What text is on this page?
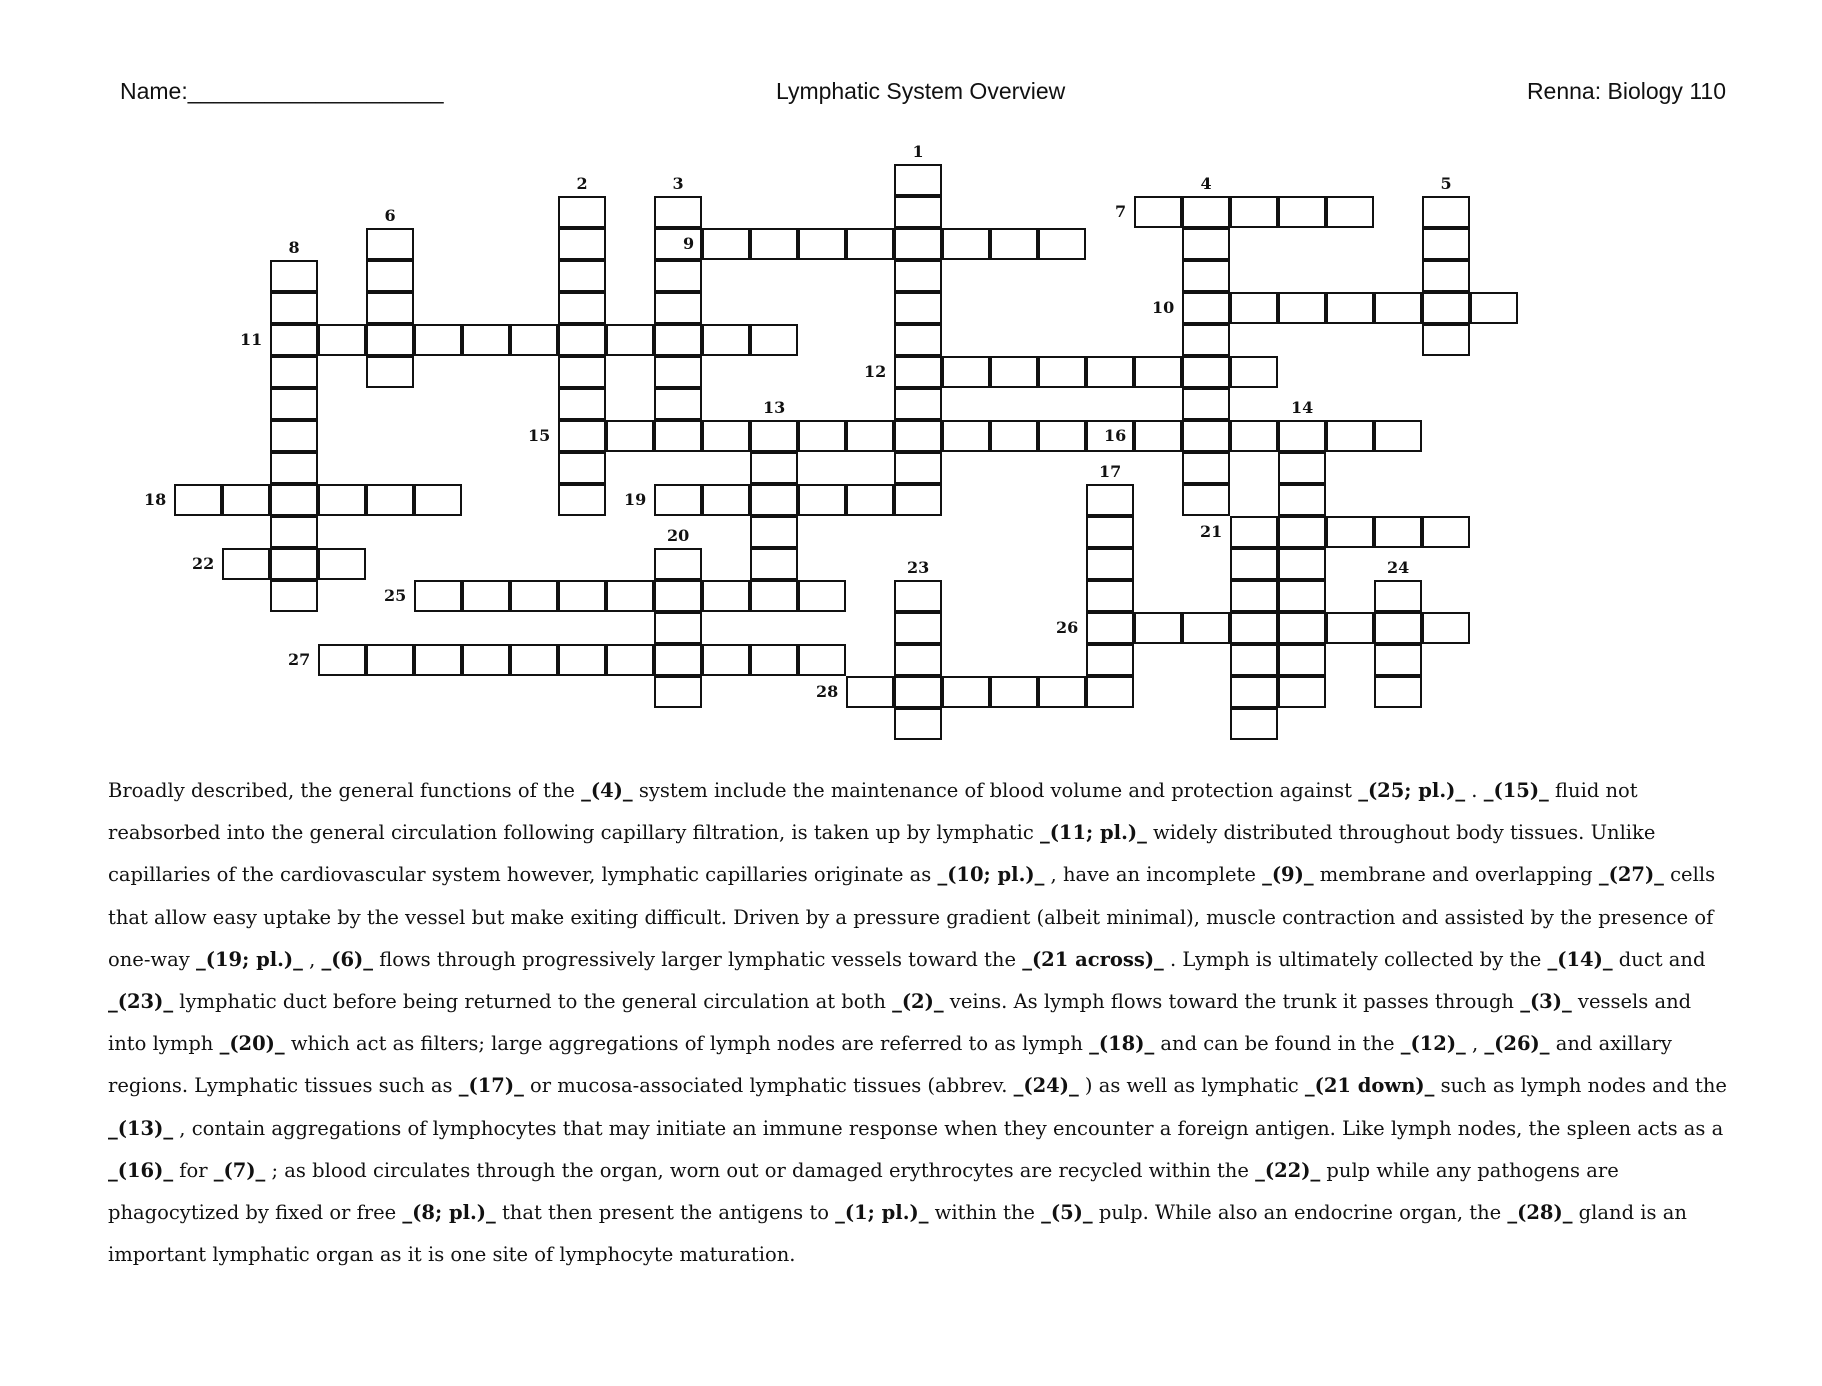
Name:____________________	Lymphatic System Overview	Renna: Biology 110
1
2	3	4	5
6	7
8	9
10
11
12
13	14
15	16
17
18	19
20	21
22	23	24
25
26
27
28
Broadly described, the general functions of the _(4)_ system include the maintenance of blood volume and protection against _(25; pl.)_ . _(15)_ fluid not
reabsorbed into the general circulation following capillary filtration, is taken up by lymphatic _(11; pl.)_ widely distributed throughout body tissues. Unlike
capillaries of the cardiovascular system however, lymphatic capillaries originate as _(10; pl.)_ , have an incomplete _(9)_ membrane and overlapping _(27)_ cells
that allow easy uptake by the vessel but make exiting difficult. Driven by a pressure gradient (albeit minimal), muscle contraction and assisted by the presence of
one-way _(19; pl.)_ , _(6)_ flows through progressively larger lymphatic vessels toward the _(21 across)_ . Lymph is ultimately collected by the _(14)_ duct and
_(23)_ lymphatic duct before being returned to the general circulation at both _(2)_ veins. As lymph flows toward the trunk it passes through _(3)_ vessels and
into lymph _(20)_ which act as filters; large aggregations of lymph nodes are referred to as lymph _(18)_ and can be found in the _(12)_ , _(26)_ and axillary
regions. Lymphatic tissues such as _(17)_ or mucosa-associated lymphatic tissues (abbrev. _(24)_ ) as well as lymphatic _(21 down)_ such as lymph nodes and the
_(13)_ , contain aggregations of lymphocytes that may initiate an immune response when they encounter a foreign antigen. Like lymph nodes, the spleen acts as a
_(16)_ for _(7)_ ; as blood circulates through the organ, worn out or damaged erythrocytes are recycled within the _(22)_ pulp while any pathogens are
phagocytized by fixed or free _(8; pl.)_ that then present the antigens to _(1; pl.)_ within the _(5)_ pulp. While also an endocrine organ, the _(28)_ gland is an
important lymphatic organ as it is one site of lymphocyte maturation.
